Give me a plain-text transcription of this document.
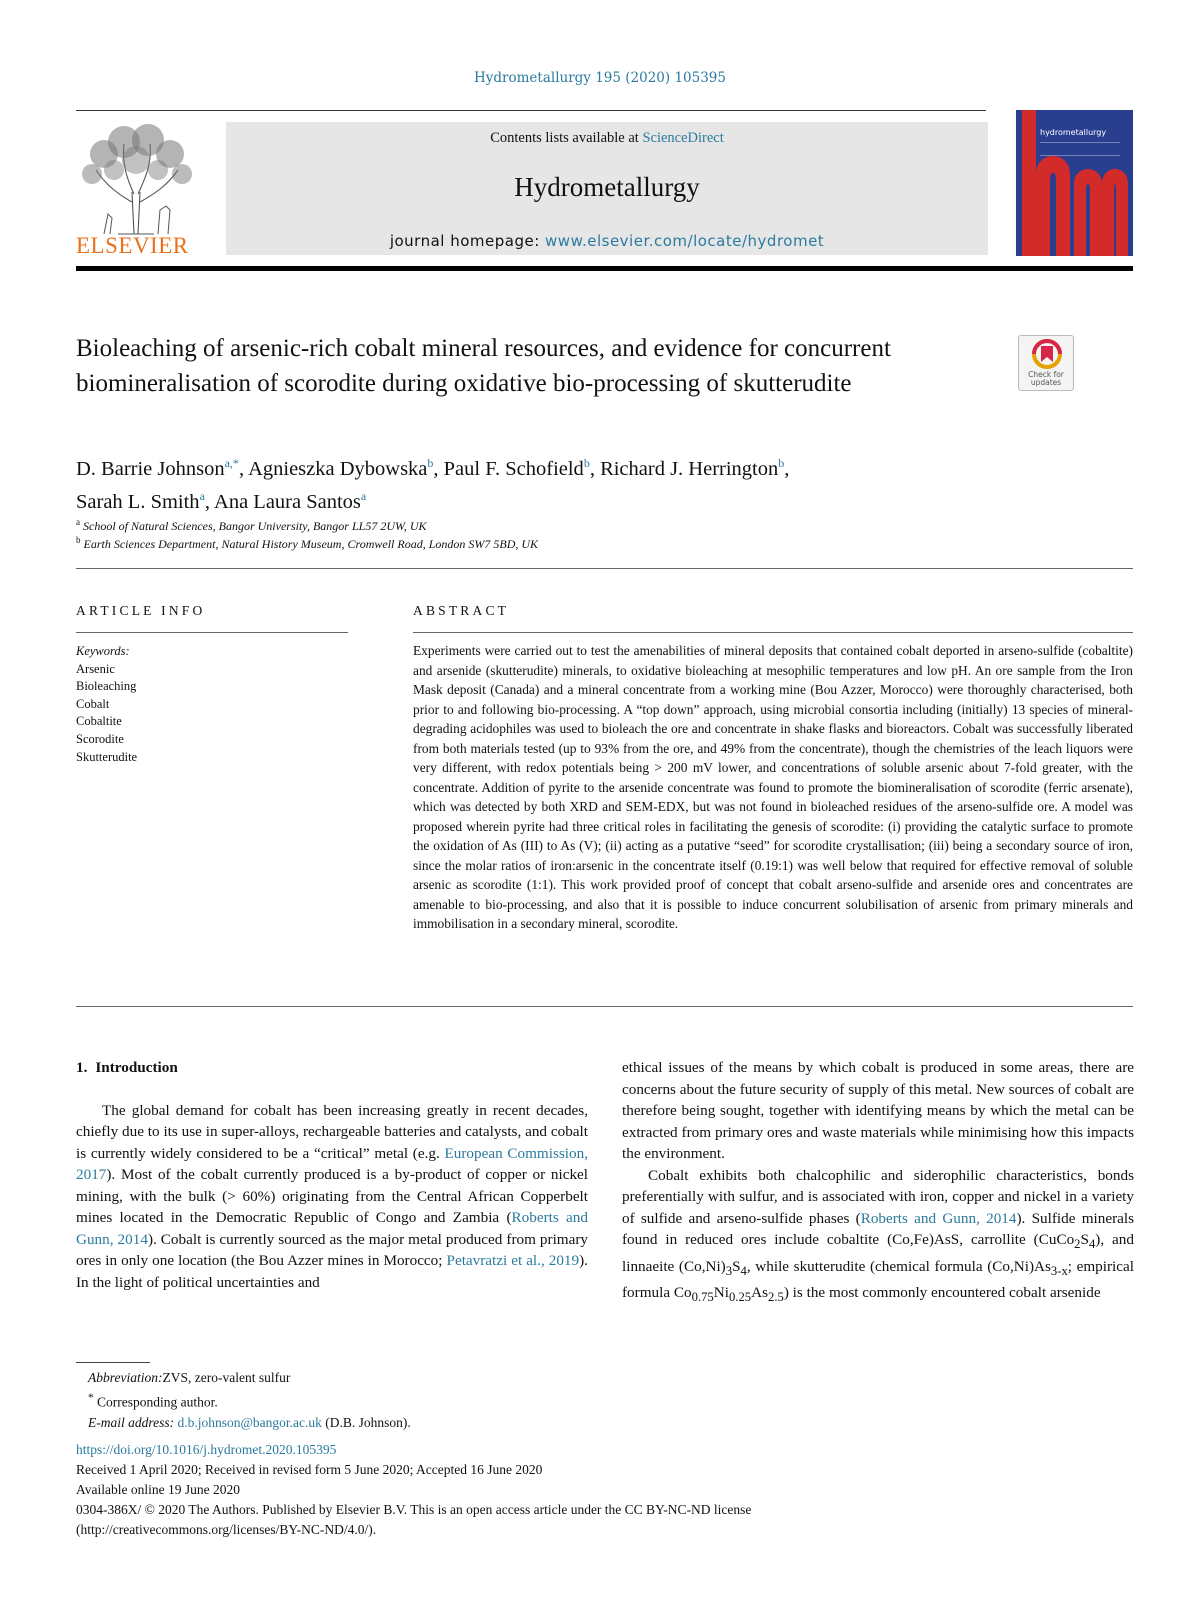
Hydrometallurgy 195 (2020) 105395
ELSEVIER
Contents lists available at ScienceDirect
Hydrometallurgy
journal homepage: www.elsevier.com/locate/hydromet
hydrometallurgy
Bioleaching of arsenic-rich cobalt mineral resources, and evidence for concurrent biomineralisation of scorodite during oxidative bio-processing of skutterudite	Check for
updates
D. Barrie Johnson$^{a,*}$, Agnieszka Dybowska$^b$, Paul F. Schofield$^b$, Richard J. Herrington$^b$,
Sarah L. Smith$^a$, Ana Laura Santos$^a$
$^a$ School of Natural Sciences, Bangor University, Bangor LL57 2UW, UK
$^b$ Earth Sciences Department, Natural History Museum, Cromwell Road, London SW7 5BD, UK
ARTICLE INFO	ABSTRACT
Keywords:
Arsenic
Bioleaching
Cobalt
Cobaltite
Scorodite
Skutterudite
Experiments were carried out to test the amenabilities of mineral deposits that contained cobalt deported in arseno-sulfide (cobaltite) and arsenide (skutterudite) minerals, to oxidative bioleaching at mesophilic temperatures and low pH. An ore sample from the Iron Mask deposit (Canada) and a mineral concentrate from a working mine (Bou Azzer, Morocco) were thoroughly characterised, both prior to and following bio-processing. A “top down” approach, using microbial consortia including (initially) 13 species of mineral-degrading acidophiles was used to bioleach the ore and concentrate in shake flasks and bioreactors. Cobalt was successfully liberated from both materials tested (up to 93% from the ore, and 49% from the concentrate), though the chemistries of the leach liquors were very different, with redox potentials being > 200 mV lower, and concentrations of soluble arsenic about 7-fold greater, with the concentrate. Addition of pyrite to the arsenide concentrate was found to promote the biomineralisation of scorodite (ferric arsenate), which was detected by both XRD and SEM-EDX, but was not found in bioleached residues of the arseno-sulfide ore. A model was proposed wherein pyrite had three critical roles in facilitating the genesis of scorodite: (i) providing the catalytic surface to promote the oxidation of As (III) to As (V); (ii) acting as a putative “seed” for scorodite crystallisation; (iii) being a secondary source of iron, since the molar ratios of iron:arsenic in the concentrate itself (0.19:1) was well below that required for effective removal of soluble arsenic as scorodite (1:1). This work provided proof of concept that cobalt arseno-sulfide and arsenide ores and concentrates are amenable to bio-processing, and also that it is possible to induce concurrent solubilisation of arsenic from primary minerals and immobilisation in a secondary mineral, scorodite.
1. Introduction
The global demand for cobalt has been increasing greatly in recent decades, chiefly due to its use in super-alloys, rechargeable batteries and catalysts, and cobalt is currently widely considered to be a “critical” metal (e.g. European Commission, 2017). Most of the cobalt currently produced is a by-product of copper or nickel mining, with the bulk (> 60%) originating from the Central African Copperbelt mines located in the Democratic Republic of Congo and Zambia (Roberts and Gunn, 2014). Cobalt is currently sourced as the major metal produced from primary ores in only one location (the Bou Azzer mines in Morocco; Petavratzi et al., 2019). In the light of political uncertainties and
ethical issues of the means by which cobalt is produced in some areas, there are concerns about the future security of supply of this metal. New sources of cobalt are therefore being sought, together with identifying means by which the metal can be extracted from primary ores and waste materials while minimising how this impacts the environment.
Cobalt exhibits both chalcophilic and siderophilic characteristics, bonds preferentially with sulfur, and is associated with iron, copper and nickel in a variety of sulfide and arseno-sulfide phases (Roberts and Gunn, 2014). Sulfide minerals found in reduced ores include cobaltite (Co,Fe)AsS, carrollite $(CuCo_2S_4)$, and linnaeite $(Co,Ni)_3S_4$, while skutterudite (chemical formula $(Co,Ni)As_{3-x}$; empirical formula $Co_{0.75}Ni_{0.25}As_{2.5}$) is the most commonly encountered cobalt arsenide
Abbreviation:ZVS, zero-valent sulfur
* Corresponding author.
E-mail address: d.b.johnson@bangor.ac.uk (D.B. Johnson).
https://doi.org/10.1016/j.hydromet.2020.105395
Received 1 April 2020; Received in revised form 5 June 2020; Accepted 16 June 2020
Available online 19 June 2020
0304-386X/ © 2020 The Authors. Published by Elsevier B.V. This is an open access article under the CC BY-NC-ND license
(http://creativecommons.org/licenses/BY-NC-ND/4.0/).
